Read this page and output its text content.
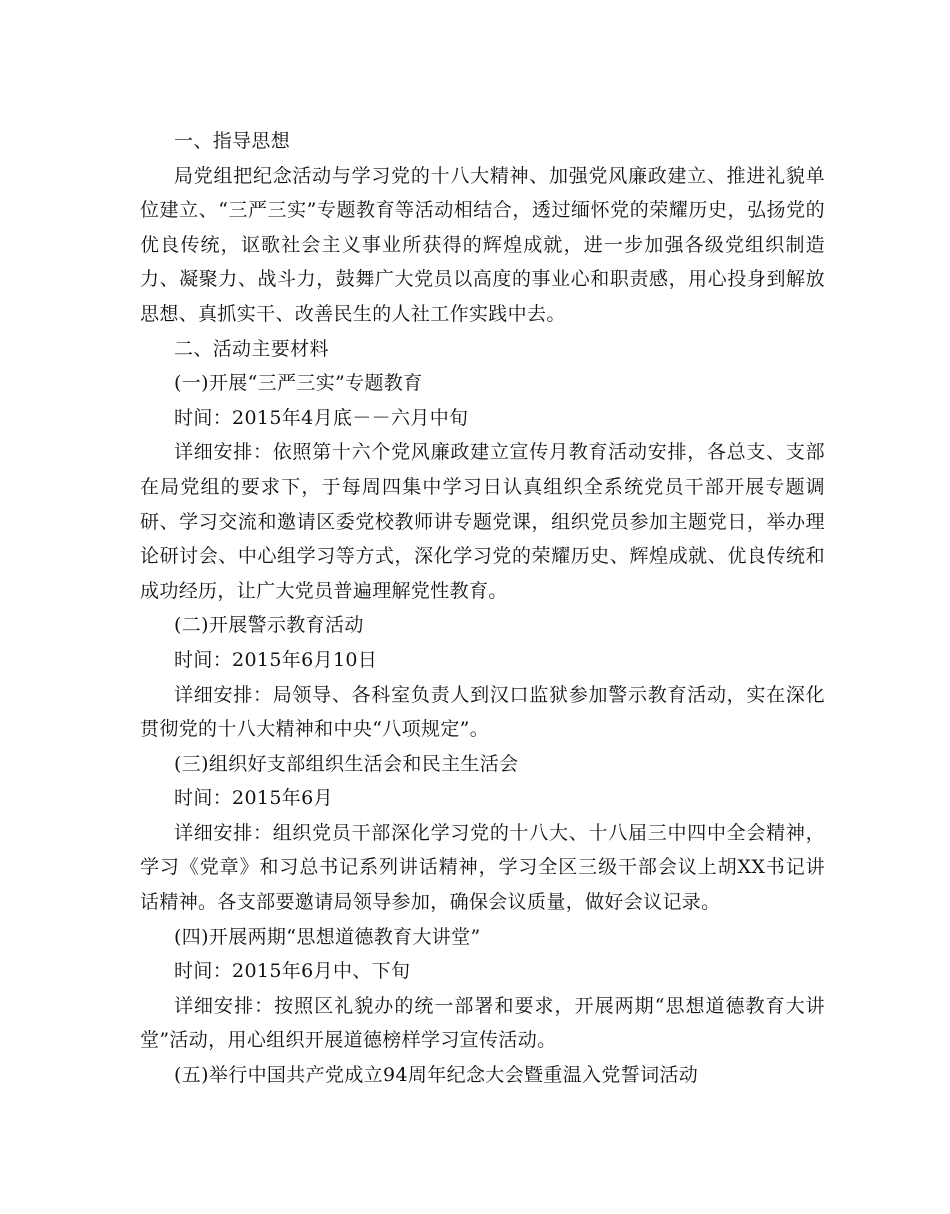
一、指导思想

局党组把纪念活动与学习党的十八大精神、加强党风廉政建立、推进礼貌单位建立、“三严三实”专题教育等活动相结合，透过缅怀党的荣耀历史，弘扬党的优良传统，讴歌社会主义事业所获得的辉煌成就，进一步加强各级党组织制造力、凝聚力、战斗力，鼓舞广大党员以高度的事业心和职责感，用心投身到解放思想、真抓实干、改善民生的人社工作实践中去。

二、活动主要材料

(一)开展“三严三实”专题教育

时间：2015年4月底－－六月中旬

详细安排：依照第十六个党风廉政建立宣传月教育活动安排，各总支、支部在局党组的要求下，于每周四集中学习日认真组织全系统党员干部开展专题调研、学习交流和邀请区委党校教师讲专题党课，组织党员参加主题党日，举办理论研讨会、中心组学习等方式，深化学习党的荣耀历史、辉煌成就、优良传统和成功经历，让广大党员普遍理解党性教育。

(二)开展警示教育活动

时间：2015年6月10日

详细安排：局领导、各科室负责人到汉口监狱参加警示教育活动，实在深化贯彻党的十八大精神和中央“八项规定”。

(三)组织好支部组织生活会和民主生活会

时间：2015年6月

详细安排：组织党员干部深化学习党的十八大、十八届三中四中全会精神，学习《党章》和习总书记系列讲话精神，学习全区三级干部会议上胡XX书记讲话精神。各支部要邀请局领导参加，确保会议质量，做好会议记录。

(四)开展两期“思想道德教育大讲堂”

时间：2015年6月中、下旬

详细安排：按照区礼貌办的统一部署和要求，开展两期“思想道德教育大讲堂”活动，用心组织开展道德榜样学习宣传活动。

(五)举行中国共产党成立94周年纪念大会暨重温入党誓词活动
